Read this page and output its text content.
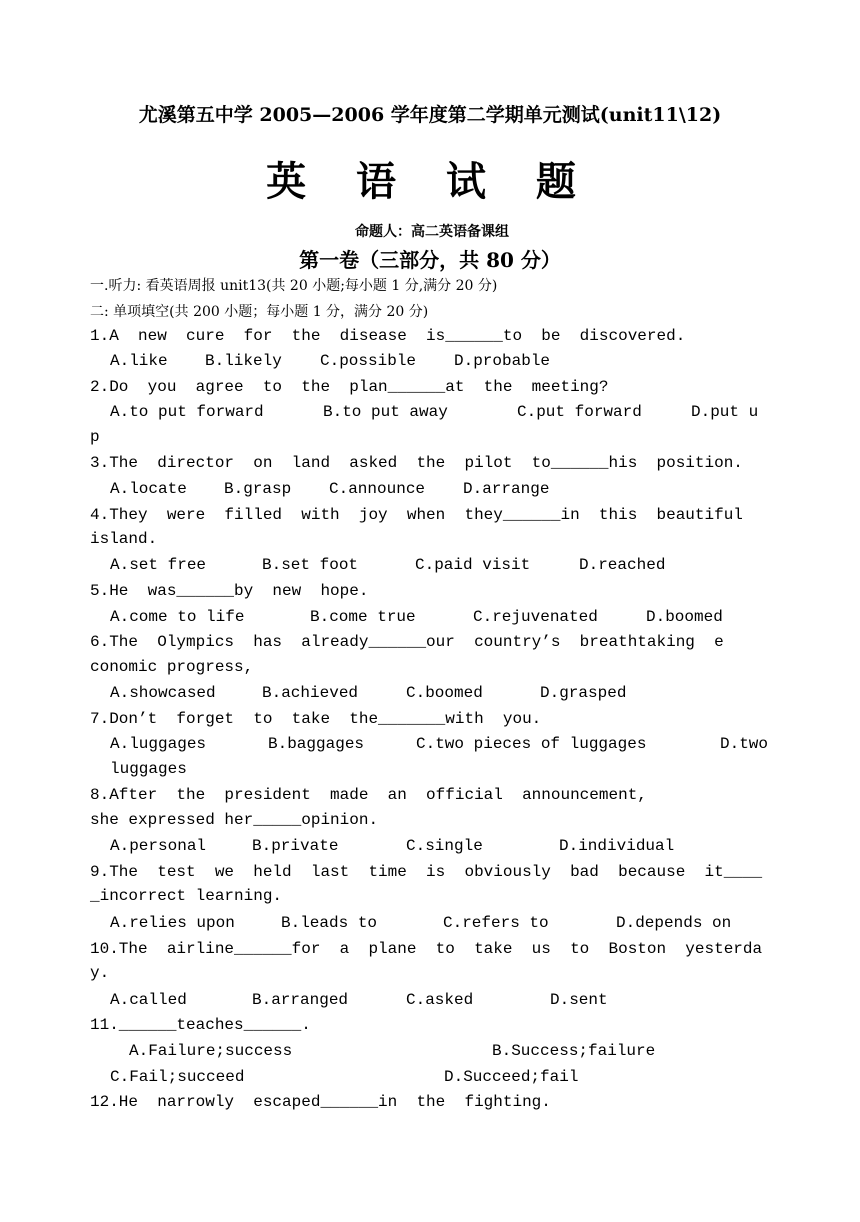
尤溪第五中学 2005—2006 学年度第二学期单元测试(unit11\12)
英 语 试 题
命题人：高二英语备课组
第一卷（三部分，共 80 分）
一.听力: 看英语周报 unit13(共 20 小题;每小题 1 分,满分 20 分)
二: 单项填空(共 200 小题；每小题 1 分，满分 20 分)
1.A  new  cure  for  the  disease  is______to  be  discovered.
A.like B.likely C.possible D.probable
2.Do  you  agree  to  the  plan______at  the  meeting?
A.to put forward	B.to put away	C.put forward	D.put u
p
3.The  director  on  land  asked  the  pilot  to______his  position.
A.locate B.grasp C.announce D.arrange
4.They  were  filled  with  joy  when  they______in  this  beautiful
island.
A.set free	B.set foot	C.paid visit	D.reached
5.He  was______by  new  hope.
A.come to life	B.come true	C.rejuvenated	D.boomed
6.The  Olympics  has  already______our  country’s  breathtaking  e
conomic progress,
A.showcased	B.achieved	C.boomed	D.grasped
7.Don’t  forget  to  take  the_______with  you.
A.luggages	B.baggages	C.two pieces of luggages	D.two
luggages
8.After  the  president  made  an  official  announcement,
she expressed her_____opinion.
A.personal	B.private	C.single	D.individual
9.The  test  we  held  last  time  is  obviously  bad  because  it____
_incorrect learning.
A.relies upon	B.leads to	C.refers to	D.depends on
10.The  airline______for  a  plane  to  take  us  to  Boston  yesterda
y.
A.called	B.arranged	C.asked	D.sent
11.______teaches______.
A.Failure;success	B.Success;failure
C.Fail;succeed	D.Succeed;fail
12.He  narrowly  escaped______in  the  fighting.
